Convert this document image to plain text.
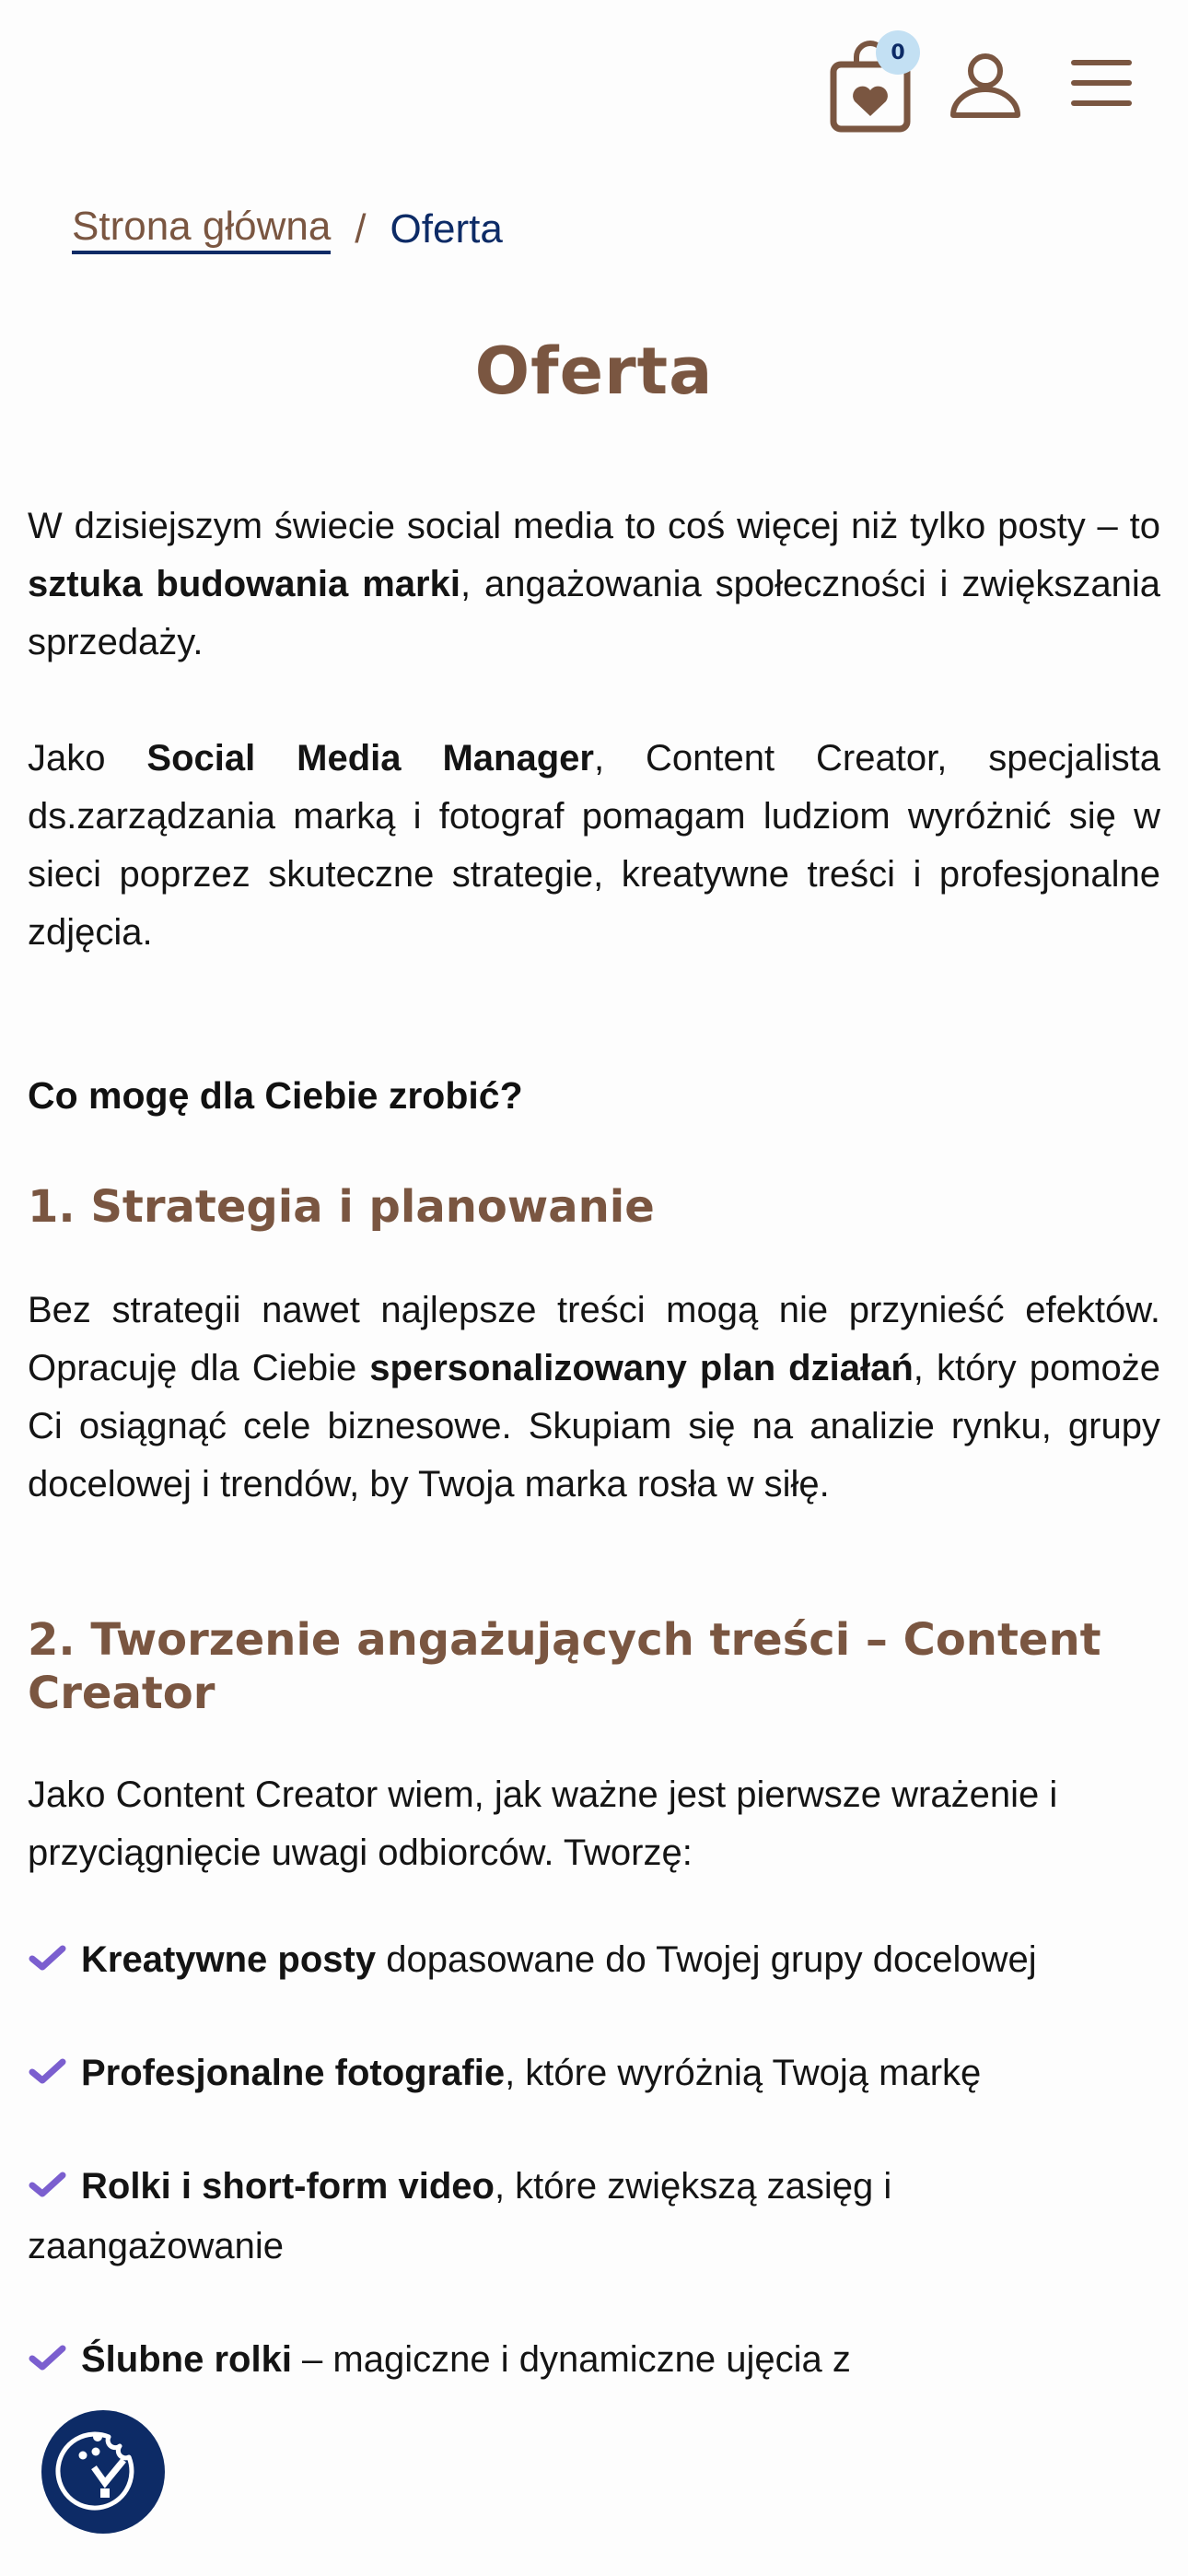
0
Strona główna / Oferta
Oferta

W dzisiejszym świecie social media to coś więcej niż tylko posty – to sztuka budowania marki, angażowania społeczności i zwiększania sprzedaży.

Jako Social Media Manager, Content Creator, specjalista ds.zarządzania marką i fotograf pomagam ludziom wyróżnić się w sieci poprzez skuteczne strategie, kreatywne treści i profesjonalne zdjęcia.

Co mogę dla Ciebie zrobić?
1. Strategia i planowanie

Bez strategii nawet najlepsze treści mogą nie przynieść efektów. Opracuję dla Ciebie spersonalizowany plan działań, który pomoże Ci osiągnąć cele biznesowe. Skupiam się na analizie rynku, grupy docelowej i trendów, by Twoja marka rosła w siłę.

2. Tworzenie angażujących treści – Content Creator

Jako Content Creator wiem, jak ważne jest pierwsze wrażenie i przyciągnięcie uwagi odbiorców. Tworzę:

Kreatywne posty dopasowane do Twojej grupy docelowej

Profesjonalne fotografie, które wyróżnią Twoją markę

Rolki i short-form video, które zwiększą zasięg i zaangażowanie

Ślubne rolki – magiczne i dynamiczne ujęcia z
